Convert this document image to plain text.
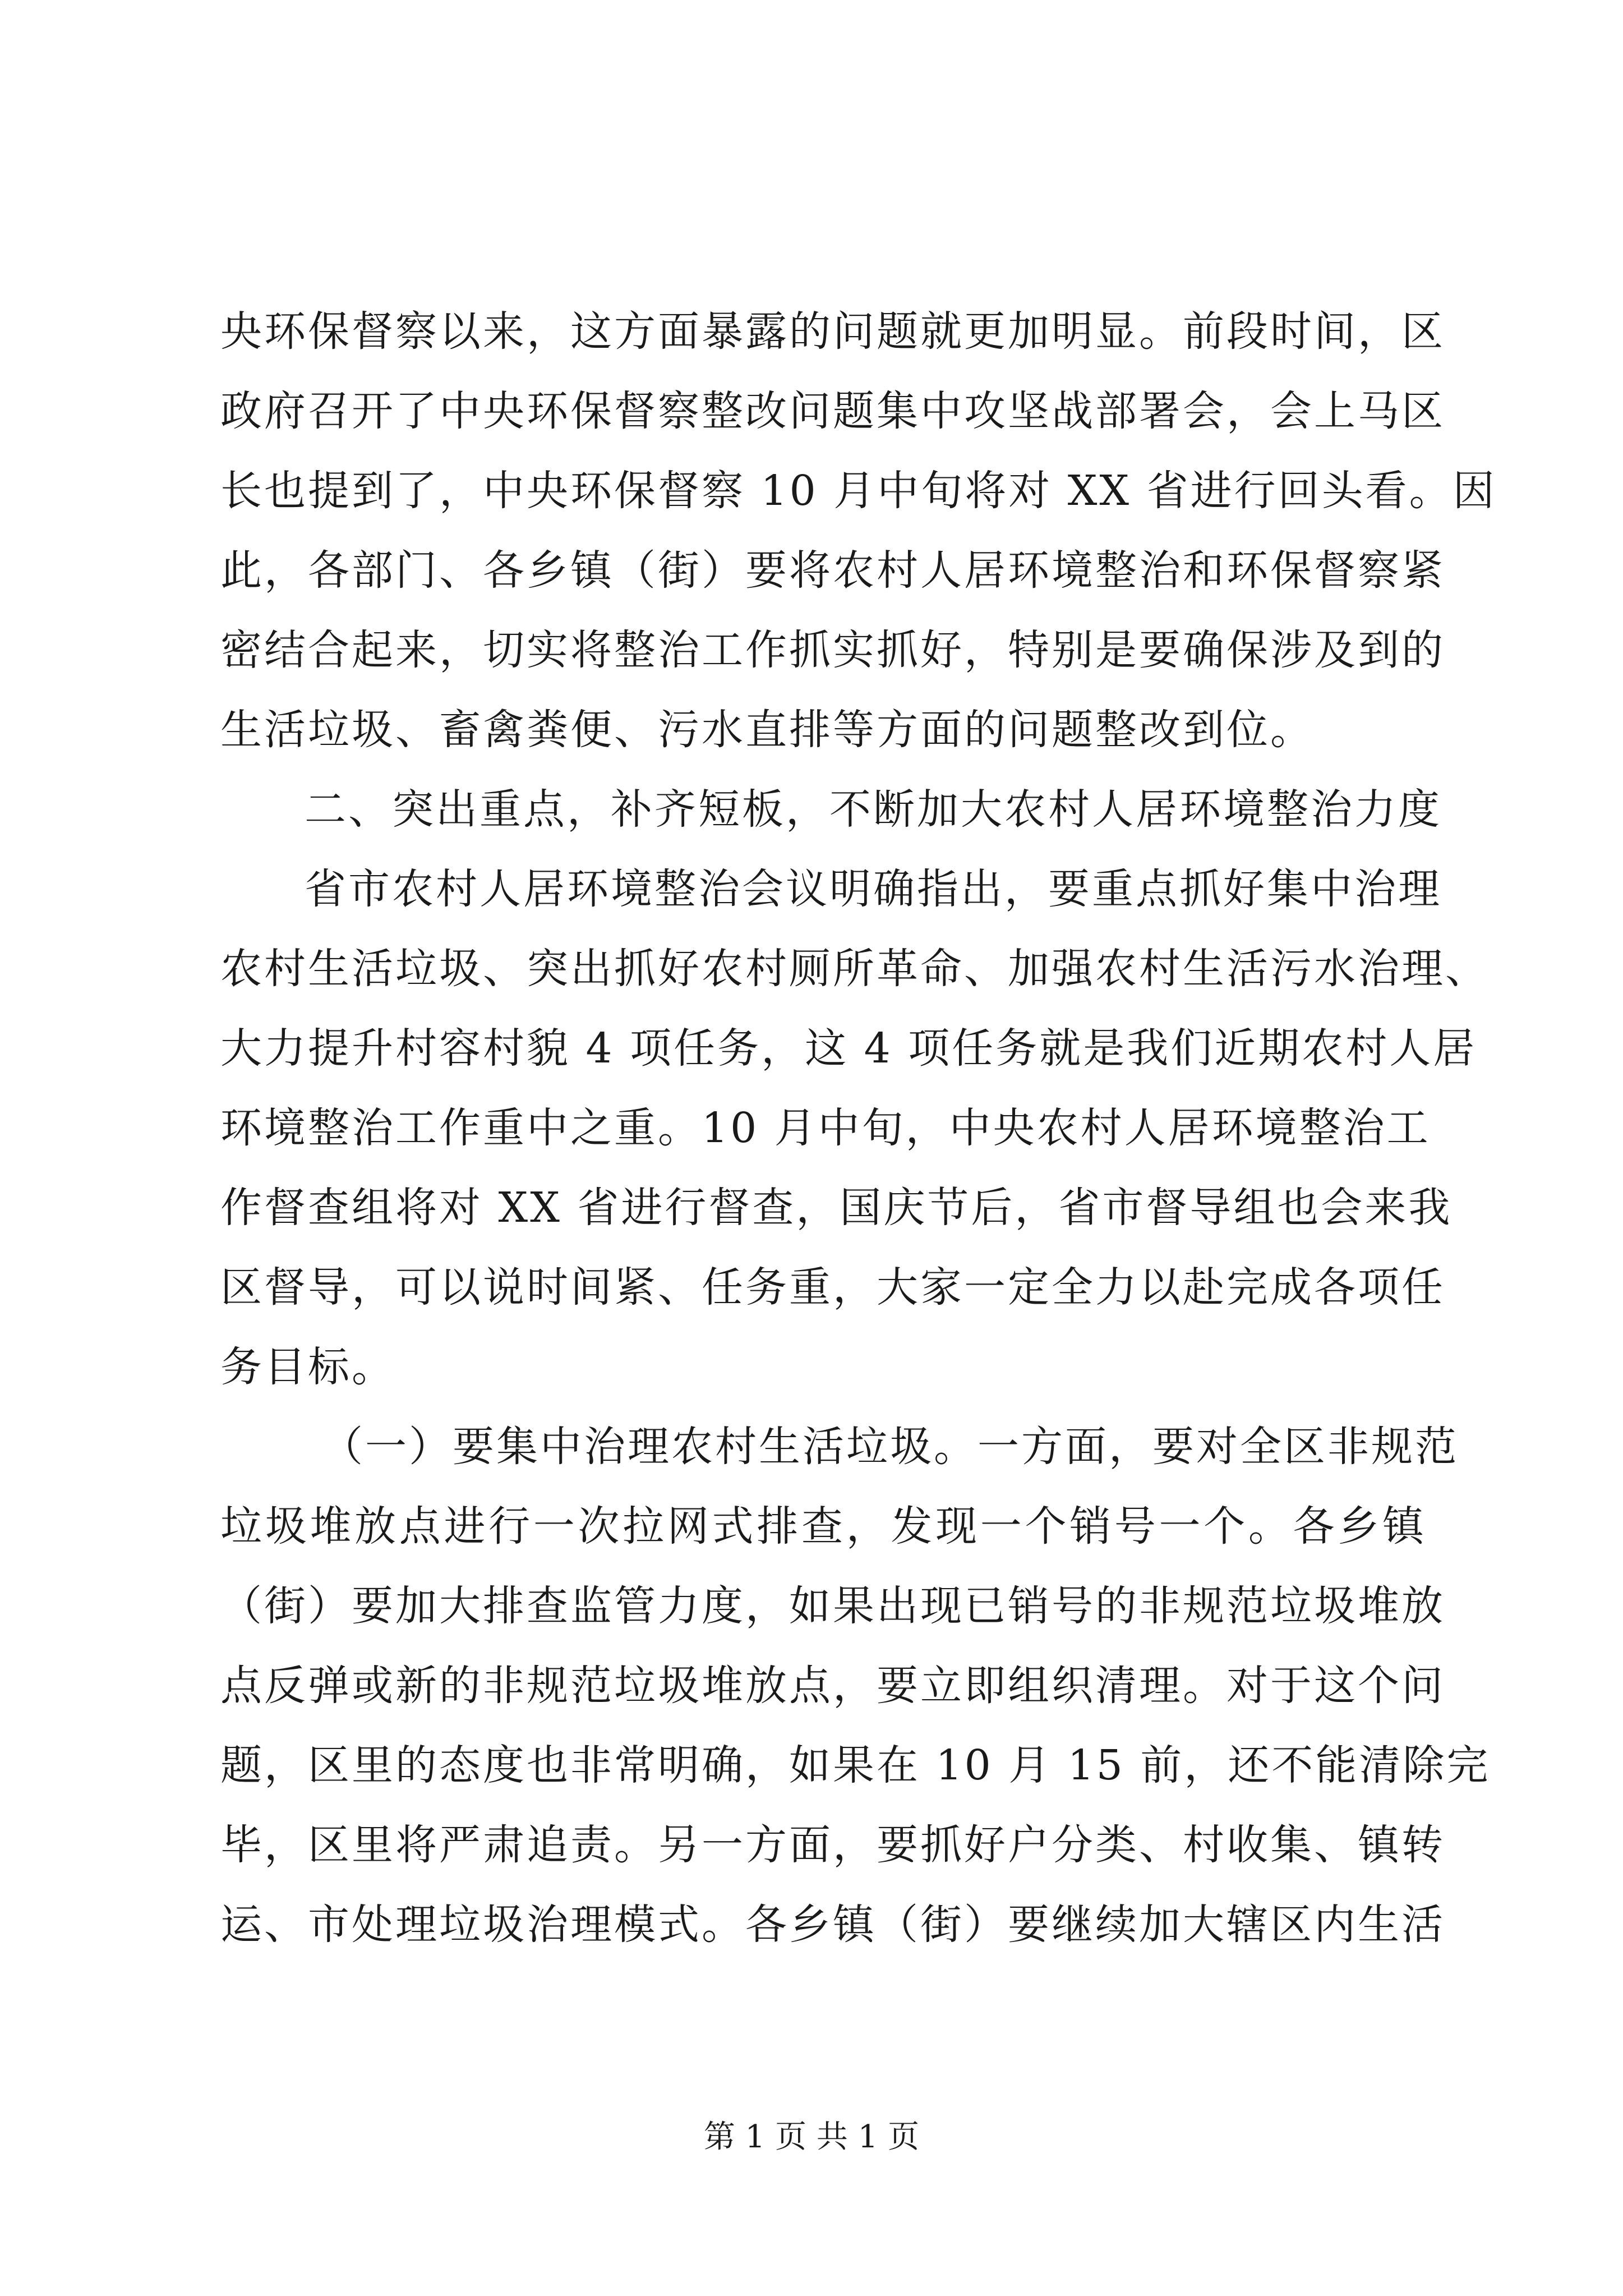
央环保督察以来，这方面暴露的问题就更加明显。前段时间，区
政府召开了中央环保督察整改问题集中攻坚战部署会，会上马区
长也提到了，中央环保督察 10 月中旬将对 XX 省进行回头看。因
此，各部门、各乡镇（街）要将农村人居环境整治和环保督察紧
密结合起来，切实将整治工作抓实抓好，特别是要确保涉及到的
生活垃圾、畜禽粪便、污水直排等方面的问题整改到位。
二、突出重点，补齐短板，不断加大农村人居环境整治力度
省市农村人居环境整治会议明确指出，要重点抓好集中治理
农村生活垃圾、突出抓好农村厕所革命、加强农村生活污水治理、
大力提升村容村貌 4 项任务，这 4 项任务就是我们近期农村人居
环境整治工作重中之重。10 月中旬，中央农村人居环境整治工
作督查组将对 XX 省进行督查，国庆节后，省市督导组也会来我
区督导，可以说时间紧、任务重，大家一定全力以赴完成各项任
务目标。
（一）要集中治理农村生活垃圾。一方面，要对全区非规范
垃圾堆放点进行一次拉网式排查，发现一个销号一个。各乡镇
（街）要加大排查监管力度，如果出现已销号的非规范垃圾堆放
点反弹或新的非规范垃圾堆放点，要立即组织清理。对于这个问
题，区里的态度也非常明确，如果在 10 月 15 前，还不能清除完
毕，区里将严肃追责。另一方面，要抓好户分类、村收集、镇转
运、市处理垃圾治理模式。各乡镇（街）要继续加大辖区内生活
第 1 页 共 1 页
